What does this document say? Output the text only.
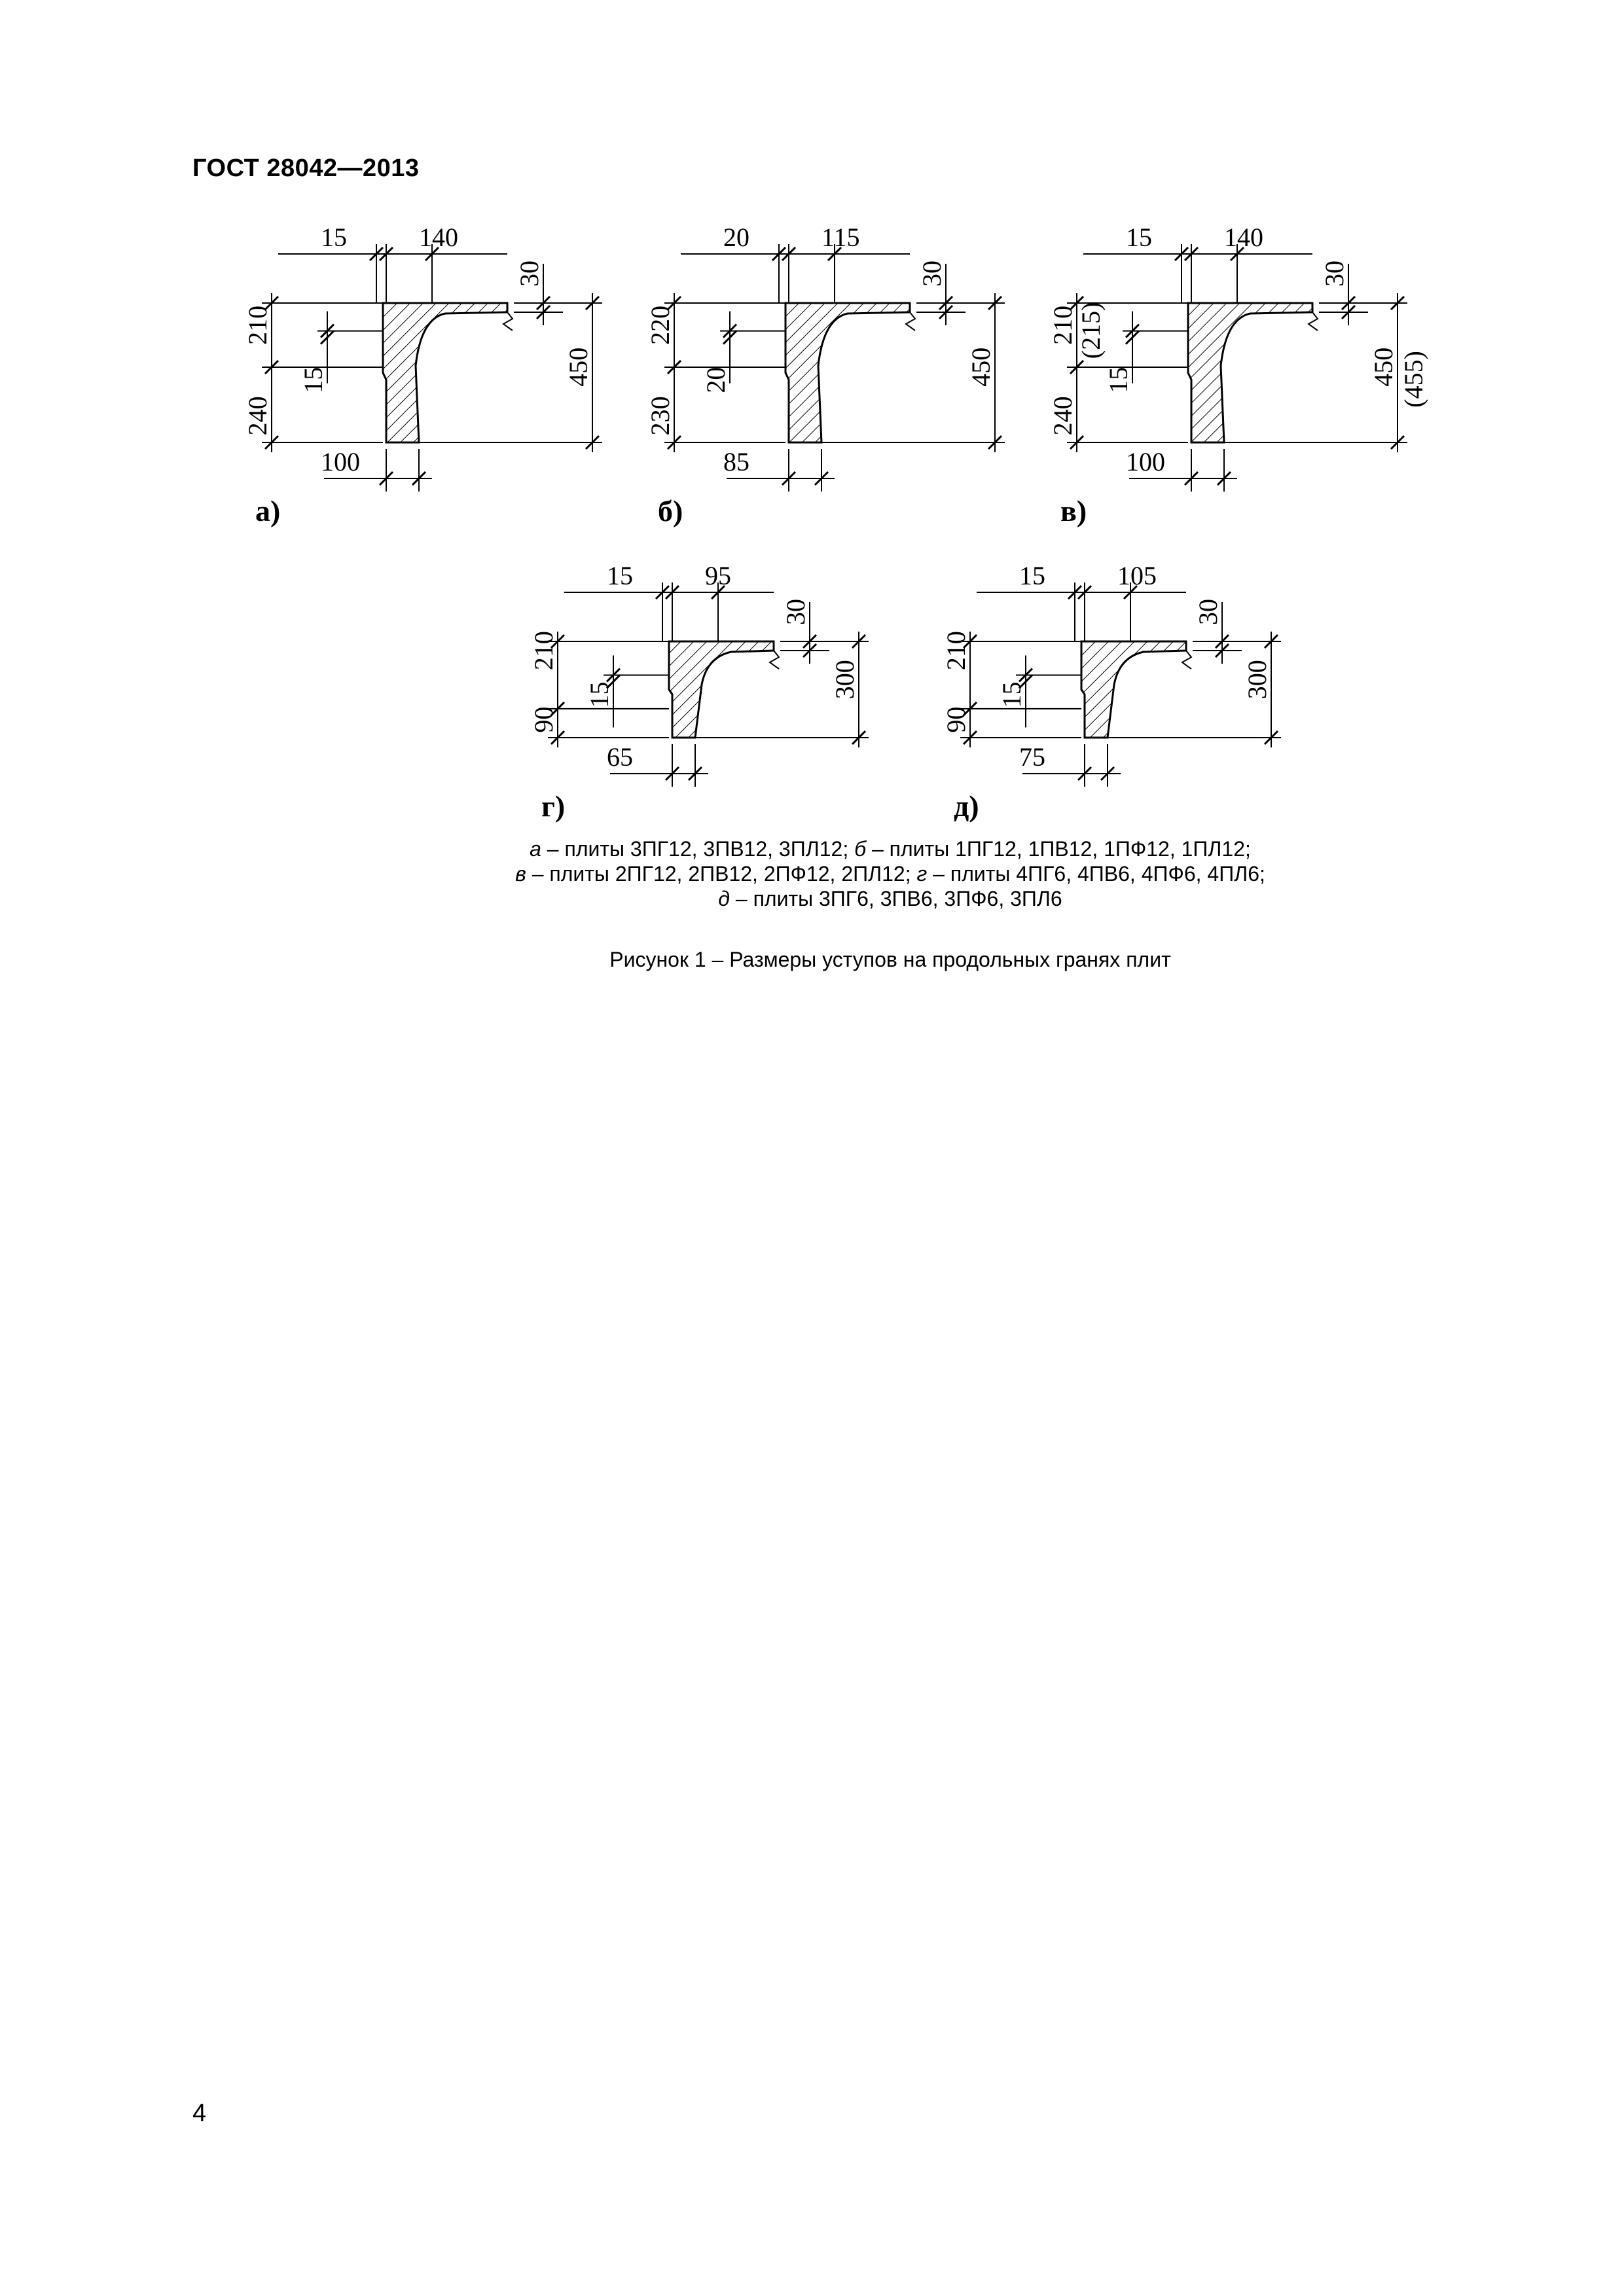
ГОСТ 28042—2013
15	140
30
450
210
240
15
100
а)
20	115
30
450
220
230
20
85
б)
15	140
30
450 (455)
210
(215)
240
15
100
в)
15	95
30
300
210
90
15
65
г)
15	105
30
300
210
90
15
75
д)
а – плиты 3ПГ12, 3ПВ12, 3ПЛ12; б – плиты 1ПГ12, 1ПВ12, 1ПФ12, 1ПЛ12;
в – плиты 2ПГ12, 2ПВ12, 2ПФ12, 2ПЛ12; г – плиты 4ПГ6, 4ПВ6, 4ПФ6, 4ПЛ6;
д – плиты 3ПГ6, 3ПВ6, 3ПФ6, 3ПЛ6
Рисунок 1 – Размеры уступов на продольных гранях плит
4
